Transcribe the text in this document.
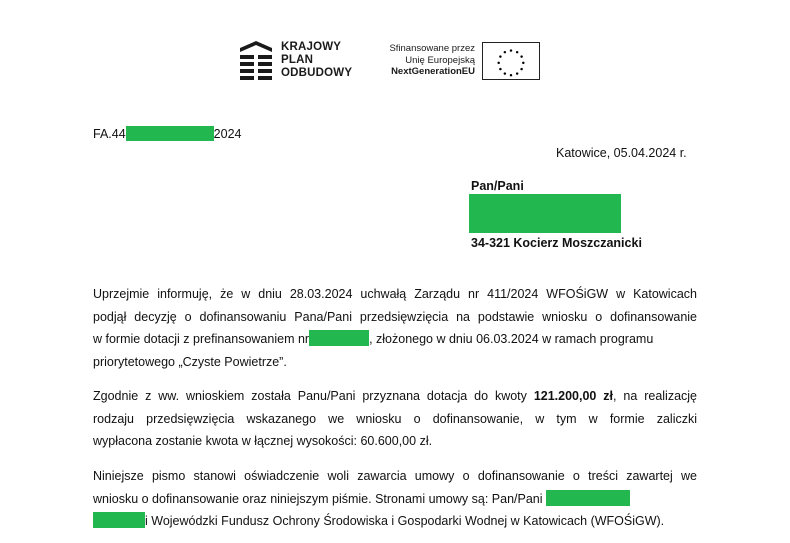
KRAJOWY
PLAN
ODBUDOWY
Sfinansowane przez
Unię Europejską
NextGenerationEU
FA.44	2024
Katowice, 05.04.2024 r.
Pan/Pani
34-321 Kocierz Moszczanicki
Uprzejmie informuję, że w dniu 28.03.2024 uchwałą Zarządu nr 411/2024 WFOŚiGW w Katowicach
podjął decyzję o dofinansowaniu Pana/Pani przedsięwzięcia na podstawie wniosku o dofinansowanie
w formie dotacji z prefinansowaniem nr	, złożonego w dniu 06.03.2024 w ramach programu
priorytetowego „Czyste Powietrze”.
Zgodnie z ww. wnioskiem została Panu/Pani przyznana dotacja do kwoty 121.200,00 zł, na realizację
rodzaju przedsięwzięcia wskazanego we wniosku o dofinansowanie, w tym w formie zaliczki
wypłacona zostanie kwota w łącznej wysokości: 60.600,00 zł.
Niniejsze pismo stanowi oświadczenie woli zawarcia umowy o dofinansowanie o treści zawartej we
wniosku o dofinansowanie oraz niniejszym piśmie. Stronami umowy są: Pan/Pani
i Wojewódzki Fundusz Ochrony Środowiska i Gospodarki Wodnej w Katowicach (WFOŚiGW).
